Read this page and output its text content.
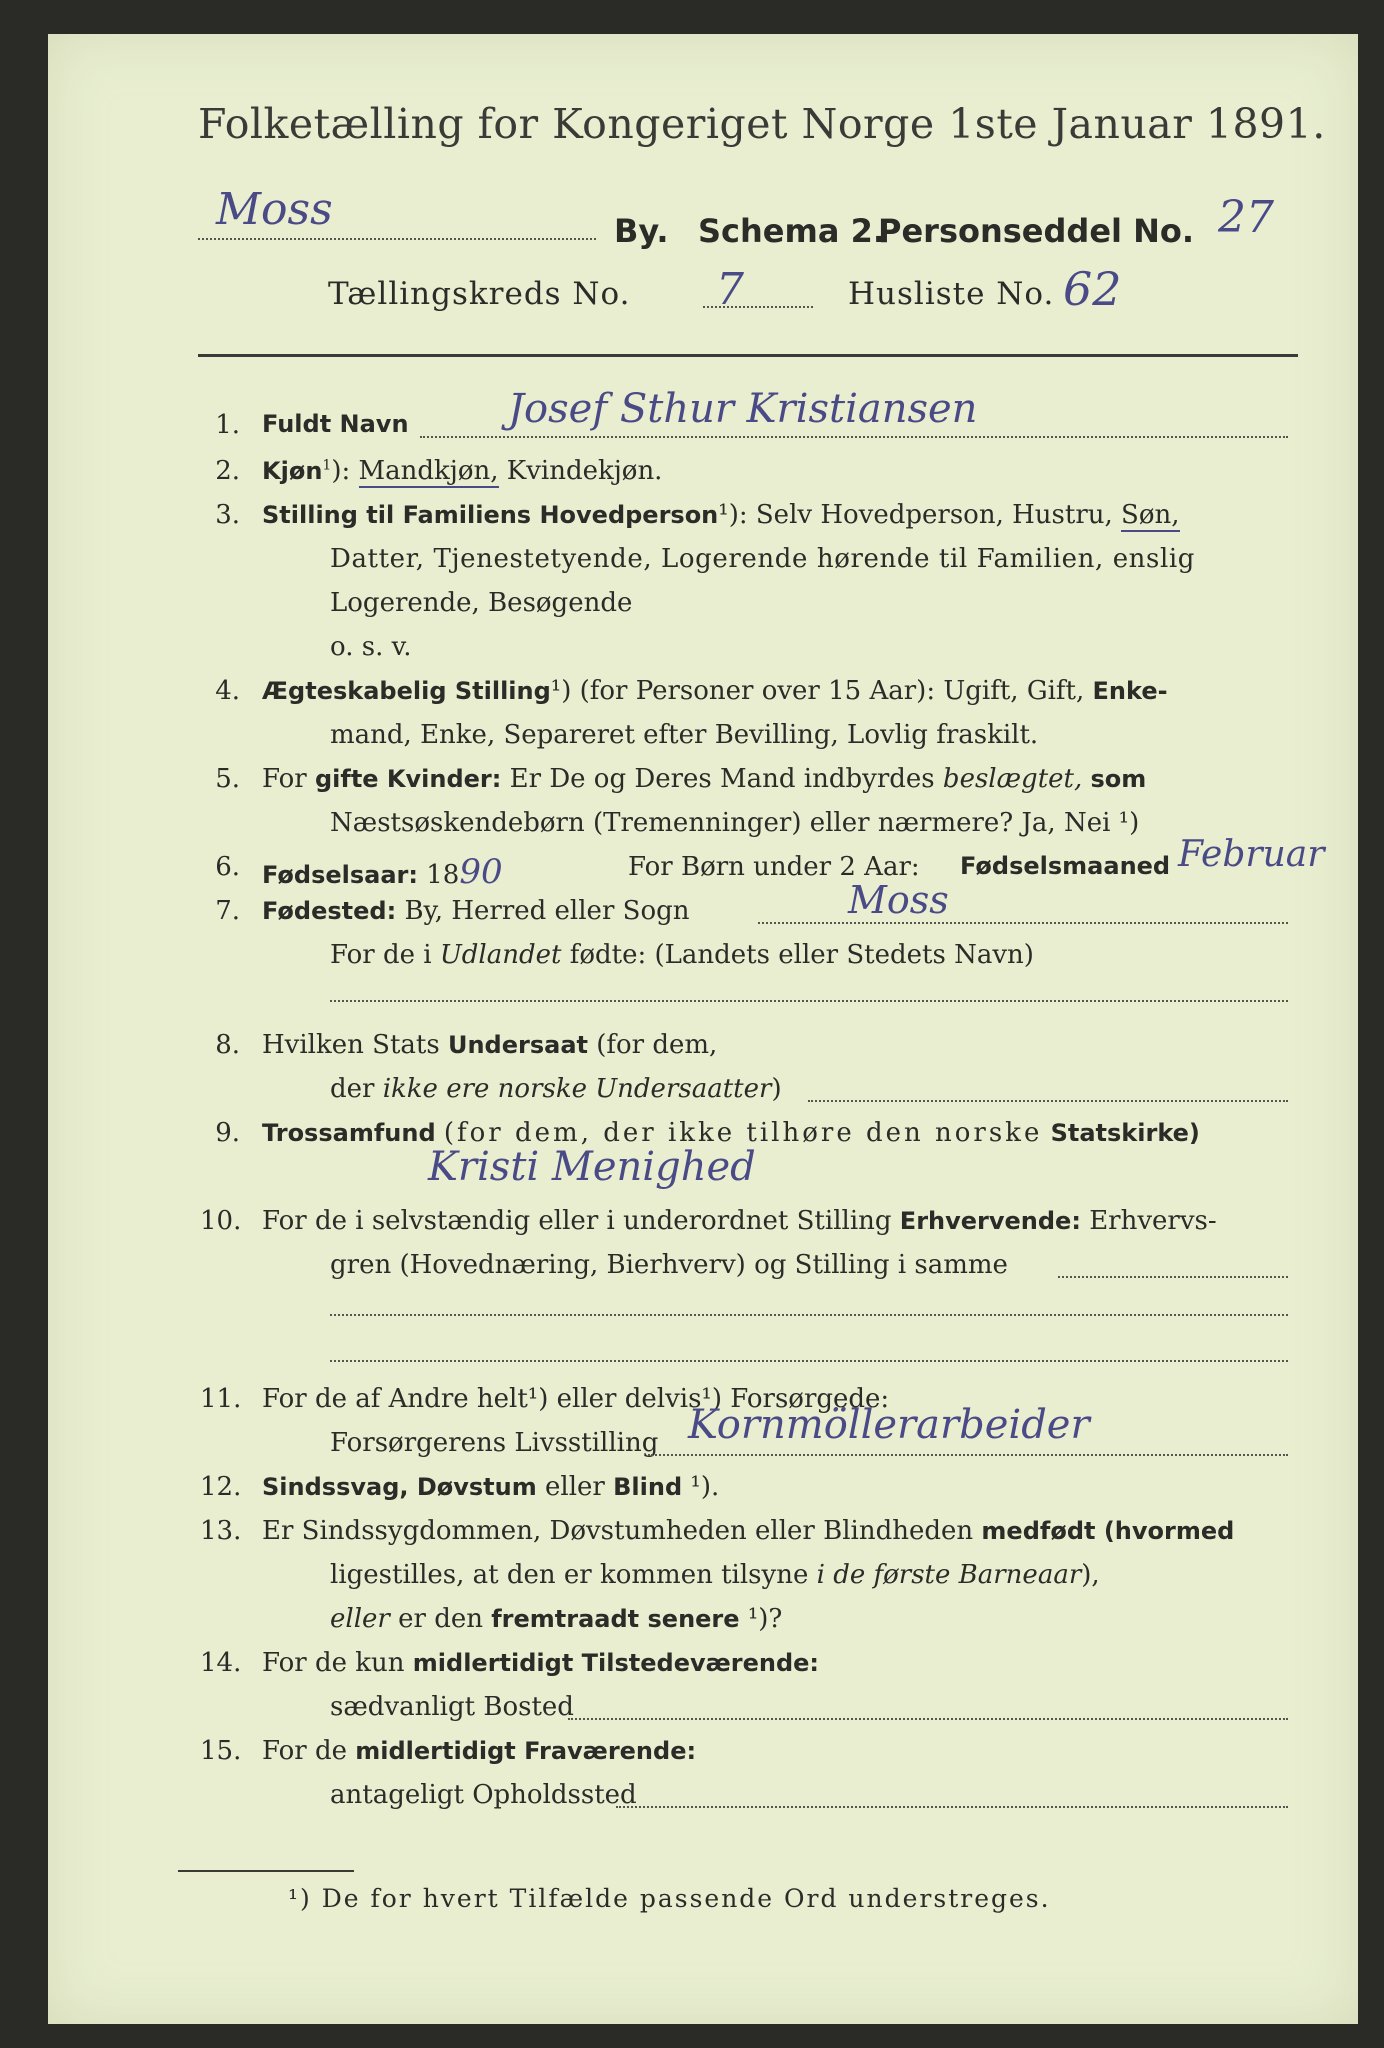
Folketælling for Kongeriget Norge 1ste Januar 1891.
Moss	By. Schema 2.
Personseddel No. 27
Tællingskreds No. 7	Husliste No. 62
1. Fuldt Navn Josef Sthur Kristiansen
2. Kjøn$^1$): Mandkjøn, Kvindekjøn.
3. Stilling til Familiens Hovedperson¹): Selv Hovedperson, Hustru, Søn,
Datter, Tjenestetyende, Logerende hørende til Familien, enslig
Logerende, Besøgende
o. s. v.
4. Ægteskabelig Stilling¹) (for Personer over 15 Aar): Ugift, Gift, Enke-
mand, Enke, Separeret efter Bevilling, Lovlig fraskilt.
5. For gifte Kvinder: Er De og Deres Mand indbyrdes beslægtet, som
Næstsøskendebørn (Tremenninger) eller nærmere? Ja, Nei ¹)
6. Fødselsaar: 1890	For Børn under 2 Aar: Fødselsmaaned Februar
7. Fødested: By, Herred eller Sogn	Moss
For de i Udlandet fødte: (Landets eller Stedets Navn)
8. Hvilken Stats Undersaat (for dem,
der ikke ere norske Undersaatter)
9. Trossamfund (for dem, der ikke tilhøre den norske Statskirke)
Kristi Menighed
10. For de i selvstændig eller i underordnet Stilling Erhvervende: Erhvervs-
gren (Hovednæring, Bierhverv) og Stilling i samme
11. For de af Andre helt¹) eller delvis¹) Forsørgede:
Forsørgerens Livsstilling Kornmöllerarbeider
12. Sindssvag, Døvstum eller Blind ¹).
13. Er Sindssygdommen, Døvstumheden eller Blindheden medfødt (hvormed
ligestilles, at den er kommen tilsyne i de første Barneaar),
eller er den fremtraadt senere ¹)?
14. For de kun midlertidigt Tilstedeværende:
sædvanligt Bosted
15. For de midlertidigt Fraværende:
antageligt Opholdssted
¹) De for hvert Tilfælde passende Ord understreges.
